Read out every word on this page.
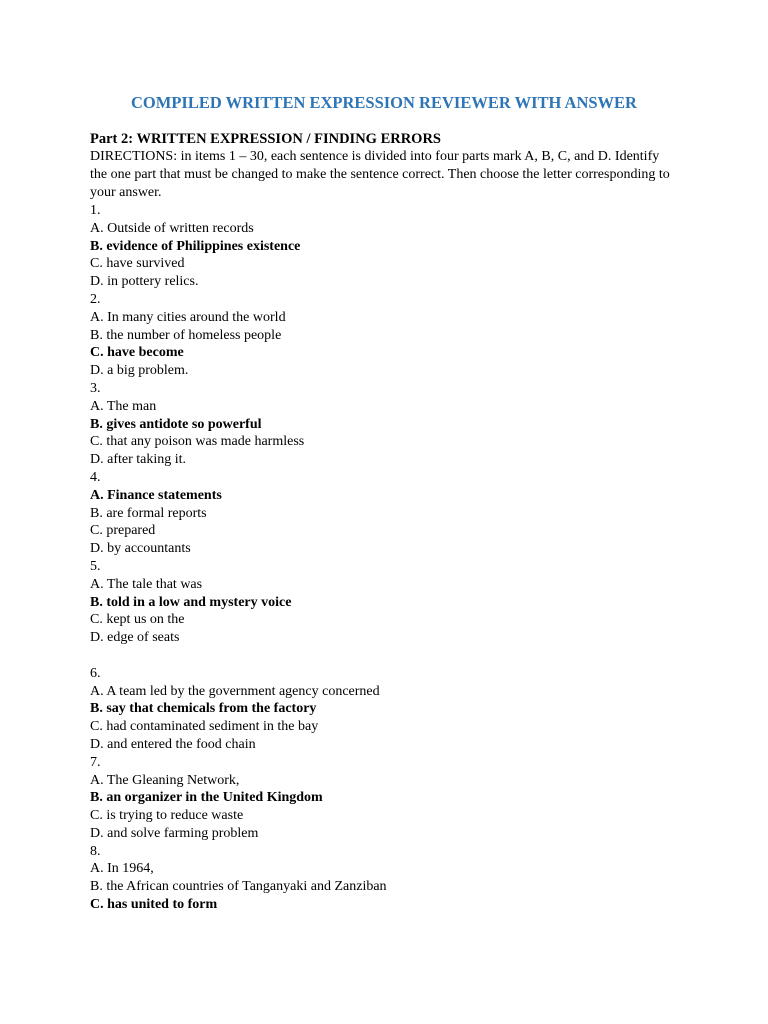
COMPILED WRITTEN EXPRESSION REVIEWER WITH ANSWER
Part 2: WRITTEN EXPRESSION / FINDING ERRORS
DIRECTIONS: in items 1 – 30, each sentence is divided into four parts mark A, B, C, and D. Identify the one part that must be changed to make the sentence correct. Then choose the letter corresponding to your answer.
1.
A. Outside of written records
B. evidence of Philippines existence
C. have survived
D. in pottery relics.
2.
A. In many cities around the world
B. the number of homeless people
C. have become
D. a big problem.
3.
A. The man
B. gives antidote so powerful
C. that any poison was made harmless
D. after taking it.
4.
A. Finance statements
B. are formal reports
C. prepared
D. by accountants
5.
A. The tale that was
B. told in a low and mystery voice
C. kept us on the
D. edge of seats
6.
A. A team led by the government agency concerned
B. say that chemicals from the factory
C. had contaminated sediment in the bay
D. and entered the food chain
7.
A. The Gleaning Network,
B. an organizer in the United Kingdom
C. is trying to reduce waste
D. and solve farming problem
8.
A. In 1964,
B. the African countries of Tanganyaki and Zanziban
C. has united to form
